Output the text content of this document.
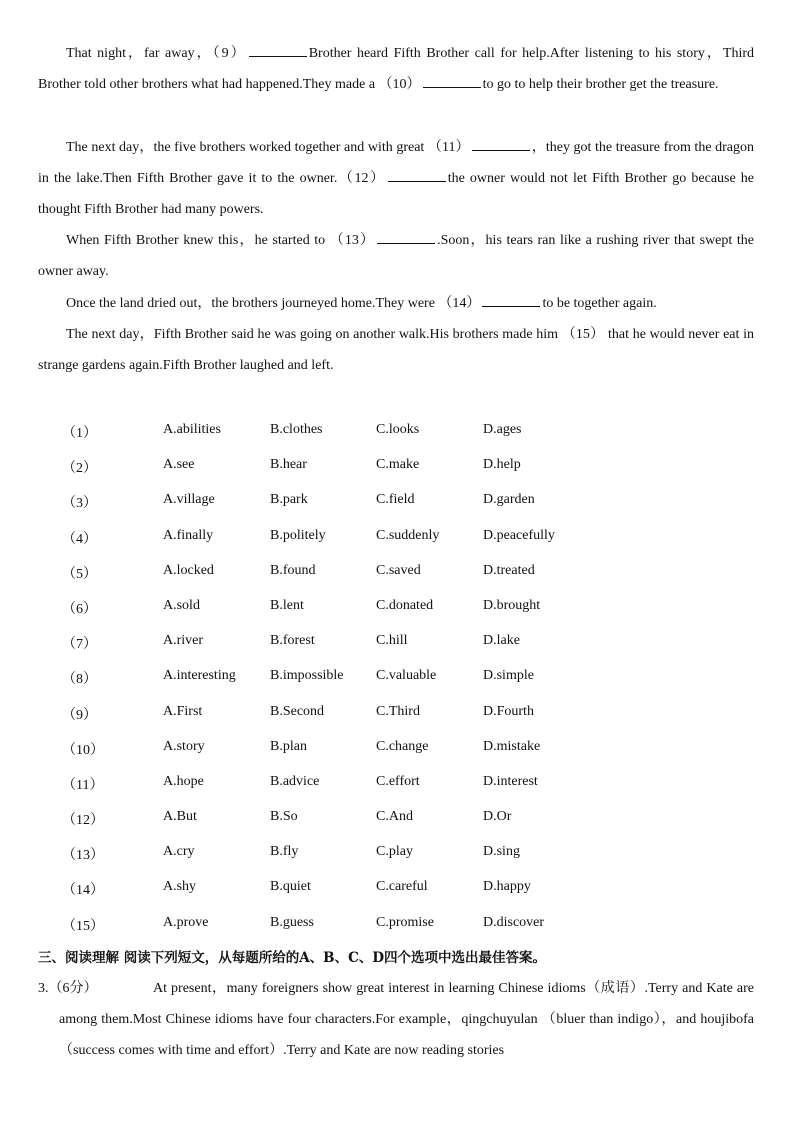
That night，far away，（9）	Brother heard Fifth Brother call for help.After listening to his story，Third Brother told other brothers what had happened.They made a （10）	to go to help their brother get the treasure.

The next day，the five brothers worked together and with great （11）	，they got the treasure from the dragon in the lake.Then Fifth Brother gave it to the owner.（12）	the owner would not let Fifth Brother go because he thought Fifth Brother had many powers.

When Fifth Brother knew this，he started to （13）	.Soon，his tears ran like a rushing river that swept the owner away.

Once the land dried out，the brothers journeyed home.They were （14）	to be together again.

The next day，Fifth Brother said he was going on another walk.His brothers made him （15） that he would never eat in strange gardens again.Fifth Brother laughed and left.

（1）	A.abilities	B.clothes	C.looks	D.ages
（2）	A.see	B.hear	C.make	D.help
（3）	A.village	B.park	C.field	D.garden
（4）	A.finally	B.politely	C.suddenly	D.peacefully
（5）	A.locked	B.found	C.saved	D.treated
（6）	A.sold	B.lent	C.donated	D.brought
（7）	A.river	B.forest	C.hill	D.lake
（8）	A.interesting B.impossible C.valuable	D.simple
（9）	A.First	B.Second	C.Third	D.Fourth
（10）	A.story	B.plan	C.change	D.mistake
（11）	A.hope	B.advice	C.effort	D.interest
（12）	A.But	B.So	C.And	D.Or
（13）	A.cry	B.fly	C.play	D.sing
（14）	A.shy	B.quiet	C.careful	D.happy
（15）	A.prove	B.guess	C.promise	D.discover
三、阅读理解 阅读下列短文，从每题所给的A、B、C、D四个选项中选出最佳答案。
3.（6分）	At present，many foreigners show great interest in learning Chinese idioms（成语）.Terry and Kate are among them.Most Chinese idioms have four characters.For example，qingchuyulan （bluer than indigo），and houjibofa（success comes with time and effort）.Terry and Kate are now reading stories
